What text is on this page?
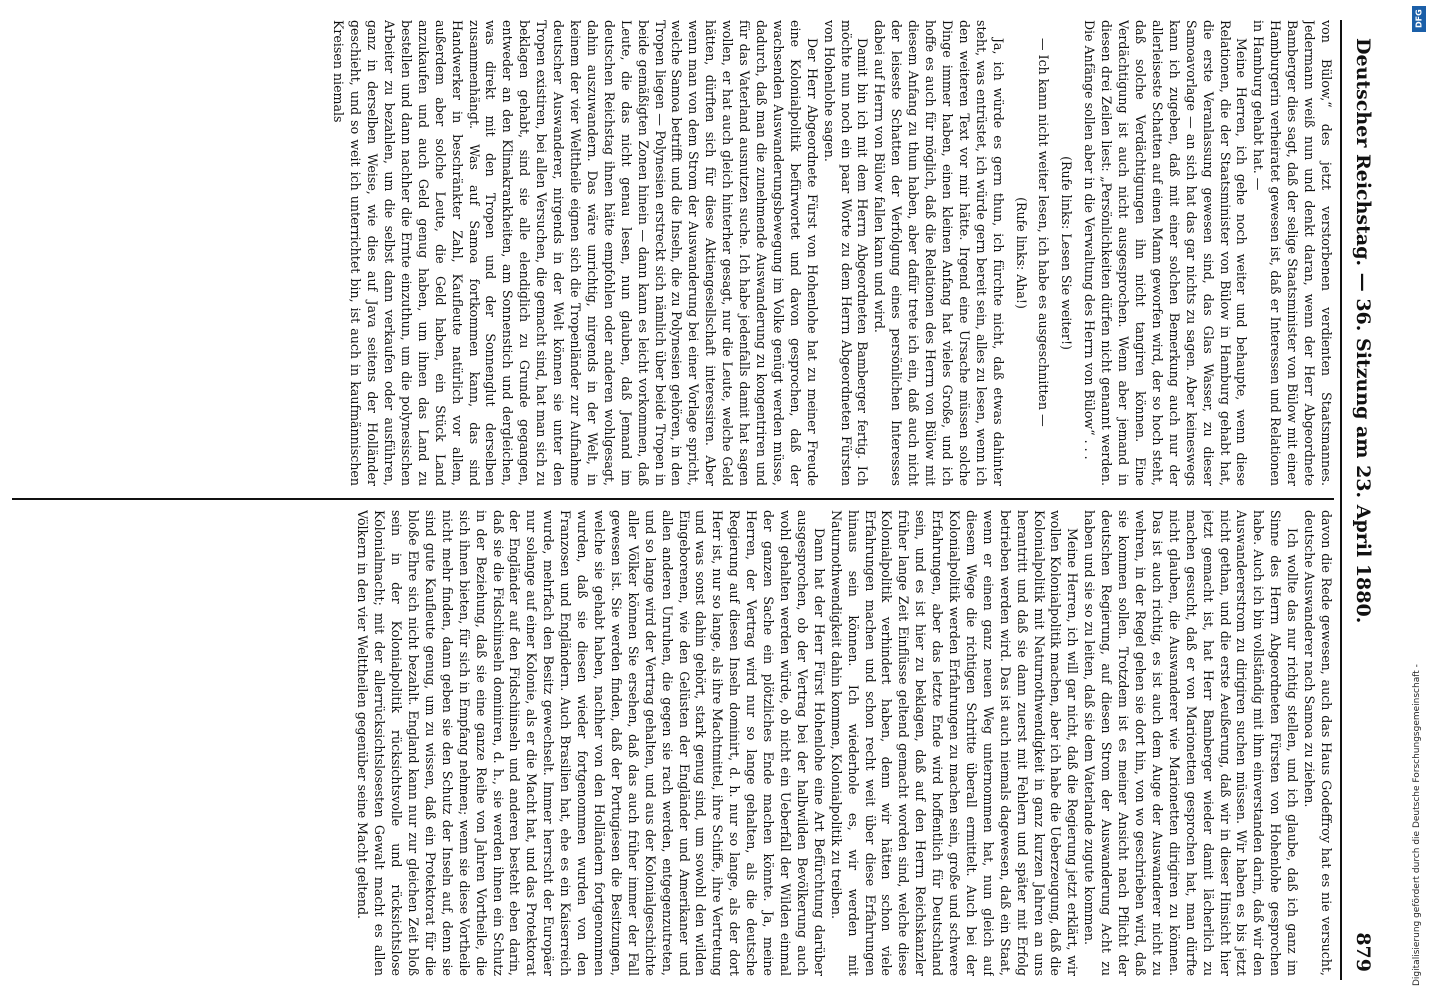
Deutscher Reichstag. — 36. Sitzung am 23. April 1880.
879

von Bülow,“ des jetzt verstorbenen verdienten Staatsmannes. Jedermann weiß nun und denkt daran, wenn der Herr Abgeordnete Bamberger dies sagt, daß der selige Staatsminister von Bülow mit einer Hamburgerin verheiratet gewesen ist, daß er Interessen und Relationen in Hamburg gehabt hat. —

Meine Herren, ich gehe noch weiter und behaupte, wenn diese Relationen, die der Staatsminister von Bülow in Hamburg gehabt hat, die erste Veranlassung gewesen sind, das Glas Wasser, zu dieser Samoavorlage — an sich hat das gar nichts zu sagen. Aber keineswegs kann ich zugeben, daß mit einer solchen Bemerkung auch nur der allerleiseste Schatten auf einen Mann geworfen wird, der so hoch steht, daß solche Verdächtigungen ihn nicht tangiren können. Eine Verdächtigung ist auch nicht ausgesprochen. Wenn aber jemand in diesen drei Zeilen liest: „Persönlichkeiten dürfen nicht genannt werden. Die Anfänge sollen aber in die Verwaltung des Herrn von Bülow“ . . .

(Rufe links: Lesen Sie weiter!)

— Ich kann nicht weiter lesen, ich habe es ausgeschnitten —

(Rufe links: Aha!)

Ja, ich würde es gern thun, ich fürchte nicht, daß etwas dahinter steht, was entrüstet, ich würde gern bereit sein, alles zu lesen, wenn ich den weiteren Text vor mir hätte. Irgend eine Ursache müssen solche Dinge immer haben, einen kleinen Anfang hat vieles Große, und ich hoffe es auch für möglich, daß die Relationen des Herrn von Bülow mit diesem Anfang zu thun haben, aber dafür trete ich ein, daß auch nicht der leiseste Schatten der Verfolgung eines persönlichen Interesses dabei auf Herrn von Bülow fallen kann und wird.

Damit bin ich mit dem Herrn Abgeordneten Bamberger fertig. Ich möchte nun noch ein paar Worte zu dem Herrn Abgeordneten Fürsten von Hohenlohe sagen.

Der Herr Abgeordnete Fürst von Hohenlohe hat zu meiner Freude eine Kolonialpolitik befürwortet und davon gesprochen, daß der wachsenden Auswanderungsbewegung im Volke genügt werden müsse, dadurch, daß man die zunehmende Auswanderung zu kongentriren und für das Vaterland ausnutzen suche. Ich habe jedenfalls damit hat sagen wollen, er hat auch gleich hinterher gesagt, nur die Leute, welche Geld hätten, dürften sich für diese Aktiengesellschaft interessiren. Aber wenn man von dem Strom der Auswanderung bei einer Vorlage spricht, welche Samoa betrifft und die Inseln, die zu Polynesien gehören, in den Tropen liegen — Polynesien erstreckt sich nämlich über beide Tropen in beide gemäßigten Zonen hinein — dann kann es leicht vorkommen, daß Leute, die das nicht genau lesen, nun glauben, daß Jemand im deutschen Reichstag ihnen hätte empfohlen oder anderen wohlgesagt, dahin auszuwandern. Das wäre unrichtig, nirgends in der Welt, in keinem der vier Welttheile eignen sich die Tropenländer zur Aufnahme deutscher Auswanderer, nirgends in der Welt können sie unter den Tropen existiren, bei allen Versuchen, die gemacht sind, hat man sich zu beklagen gehabt, sind sie alle elendiglich zu Grunde gegangen, entweder an den Klimakrankheiten, am Sonnenstich und dergleichen, was direkt mit den Tropen und der Sonnenglut derselben zusammenhängt. Was auf Samoa fortkommen kann, das sind Handwerker in beschränkter Zahl, Kaufleute natürlich vor allem, außerdem aber solche Leute, die Geld haben, ein Stück Land anzukaufen und auch Geld genug haben, um ihnen das Land zu bestellen und dann nachher die Ernte einzuthun, um die polynesischen Arbeiter zu bezahlen, um die selbst dann verkaufen oder ausführen, ganz in derselben Weise, wie dies auf Java seitens der Holländer geschieht, und so weit ich unterrichtet bin, ist auch in kaufmännischen Kreisen niemals

davon die Rede gewesen, auch das Haus Godeffroy hat es nie versucht, deutsche Auswanderer nach Samoa zu ziehen.

Ich wollte das nur richtig stellen, und ich glaube, daß ich ganz im Sinne des Herrn Abgeordneten Fürsten von Hohenlohe gesprochen habe. Auch ich bin vollständig mit ihm einverstanden darin, daß wir den Auswandererstrom zu dirigiren suchen müssen. Wir haben es bis jetzt nicht gethan, und die erste Aeußerung, daß wir in dieser Hinsicht hier jetzt gemacht ist, hat Herr Bamberger wieder damit lächerlich zu machen gesucht, daß er von Marionetten gesprochen hat, man dürfte nicht glauben, die Auswanderer wie Marionetten dirigiren zu können. Das ist auch richtig, es ist auch dem Auge der Auswanderer nicht zu wehren, in der Regel gehen sie dort hin, von wo geschrieben wird, daß sie kommen sollen. Trotzdem ist es meiner Ansicht nach Pflicht der deutschen Regierung, auf diesen Strom der Auswanderung Acht zu haben und sie so zu leiten, daß sie dem Vaterlande zugute kommen.

Meine Herren, ich will gar nicht, daß die Regierung jetzt erklärt, wir wollen Kolonialpolitik machen, aber ich habe die Ueberzeugung, daß die Kolonialpolitik mit Naturnothwendigkeit in ganz kurzen Jahren an uns herantritt und daß sie dann zuerst mit Fehlern und später mit Erfolg betrieben werden wird. Das ist auch niemals dagewesen, daß ein Staat, wenn er einen ganz neuen Weg unternommen hat, nun gleich auf diesem Wege die richtigen Schritte überall ermittelt. Auch bei der Kolonialpolitik werden Erfahrungen zu machen sein, große und schwere Erfahrungen, aber das letzte Ende wird hoffentlich für Deutschland sein, und es ist hier zu beklagen, daß auf den Herrn Reichskanzler früher lange Zeit Einflüsse geltend gemacht worden sind, welche diese Kolonialpolitik verhindert haben, denn wir hätten schon viele Erfahrungen machen und schon recht weit über diese Erfahrungen hinaus sein können. Ich wiederhole es, wir werden mit Naturnothwendigkeit dahin kommen, Kolonialpolitik zu treiben.

Dann hat der Herr Fürst Hohenlohe eine Art Befürchtung darüber ausgesprochen, ob der Vertrag bei der halbwilden Bevölkerung auch wohl gehalten werden würde, ob nicht ein Ueberfall der Wilden einmal der ganzen Sache ein plötzliches Ende machen könnte. Ja, meine Herren, der Vertrag wird nur so lange gehalten, als die deutsche Regierung auf diesen Inseln dominirt, d. h. nur so lange, als der dort Herr ist, nur so lange, als ihre Machtmittel, ihre Schiffe, ihre Vertretung und was sonst dahin gehört, stark genug sind, um sowohl den wilden Eingeborenen, wie den Gelüsten der Engländer und Amerikaner und allen anderen Unruhen, die gegen sie rach werden, entgegenzutreten, und so lange wird der Vertrag gehalten, und aus der Kolonialgeschichte aller Völker können Sie ersehen, daß das auch früher immer der Fall gewesen ist. Sie werden finden, daß der Portugiesen die Besitzungen, welche sie gehabt haben, nachher von den Holländern fortgenommen wurden, daß sie diesen wieder fortgenommen wurden von den Franzosen und Engländern. Auch Brasilien hat, ehe es ein Kaiserreich wurde, mehrfach den Besitz gewechselt. Immer herrscht der Europäer nur solange auf einer Kolonie, als er die Macht hat, und das Protektorat der Engländer auf den Fidschiinseln und anderen besteht eben darin, daß sie die Fidschiinseln dominiren, d. h., sie werden ihnen ein Schutz in der Beziehung, daß sie eine ganze Reihe von Jahren Vortheile, die sich ihnen bieten, für sich in Empfang nehmen; wenn sie diese Vortheile nicht mehr finden, dann geben sie den Schutz der Inseln auf, denn sie sind gute Kaufleute genug, um zu wissen, daß ein Protektorat für die bloße Ehre sich nicht bezahlt. England kann nur zur gleichen Zeit bloß sein in der Kolonialpolitik rücksichtsvolle und rücksichtslose Kolonialmacht; mit der allerrücksichtslosesten Gewalt macht es allen Völkern in den vier Welttheilen gegenüber seine Macht geltend.	Digitalisierung gefördert durch die Deutsche Forschungsgemeinschaft -
DFG
